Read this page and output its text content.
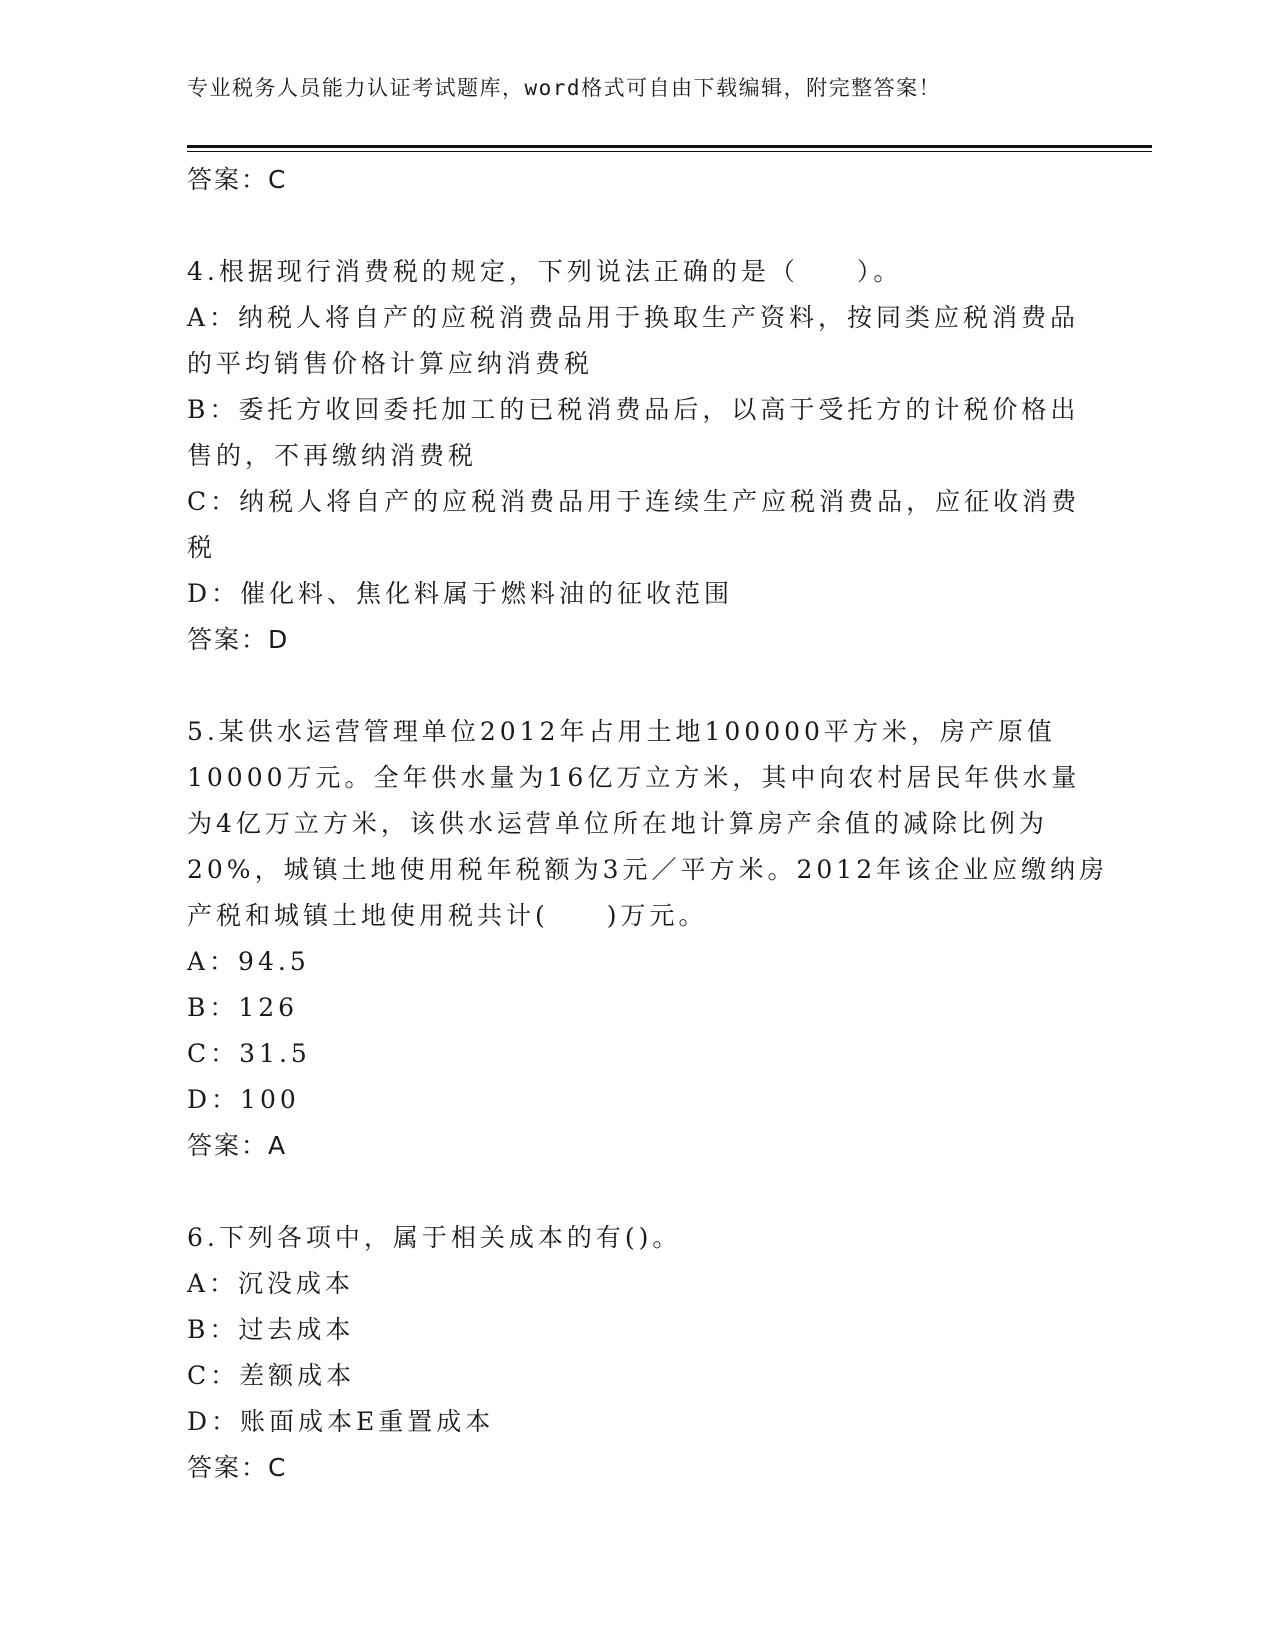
专业税务人员能力认证考试题库，word格式可自由下载编辑，附完整答案！
答案：C
4.根据现行消费税的规定，下列说法正确的是（　　）。
A：纳税人将自产的应税消费品用于换取生产资料，按同类应税消费品
的平均销售价格计算应纳消费税
B：委托方收回委托加工的已税消费品后，以高于受托方的计税价格出
售的，不再缴纳消费税
C：纳税人将自产的应税消费品用于连续生产应税消费品，应征收消费
税
D：催化料、焦化料属于燃料油的征收范围
答案：D
5.某供水运营管理单位2012年占用土地100000平方米，房产原值
10000万元。全年供水量为16亿万立方米，其中向农村居民年供水量
为4亿万立方米，该供水运营单位所在地计算房产余值的减除比例为
20%，城镇土地使用税年税额为3元／平方米。2012年该企业应缴纳房
产税和城镇土地使用税共计(　　)万元。
A：94.5
B：126
C：31.5
D：100
答案：A
6.下列各项中，属于相关成本的有()。
A：沉没成本
B：过去成本
C：差额成本
D：账面成本E重置成本
答案：C
